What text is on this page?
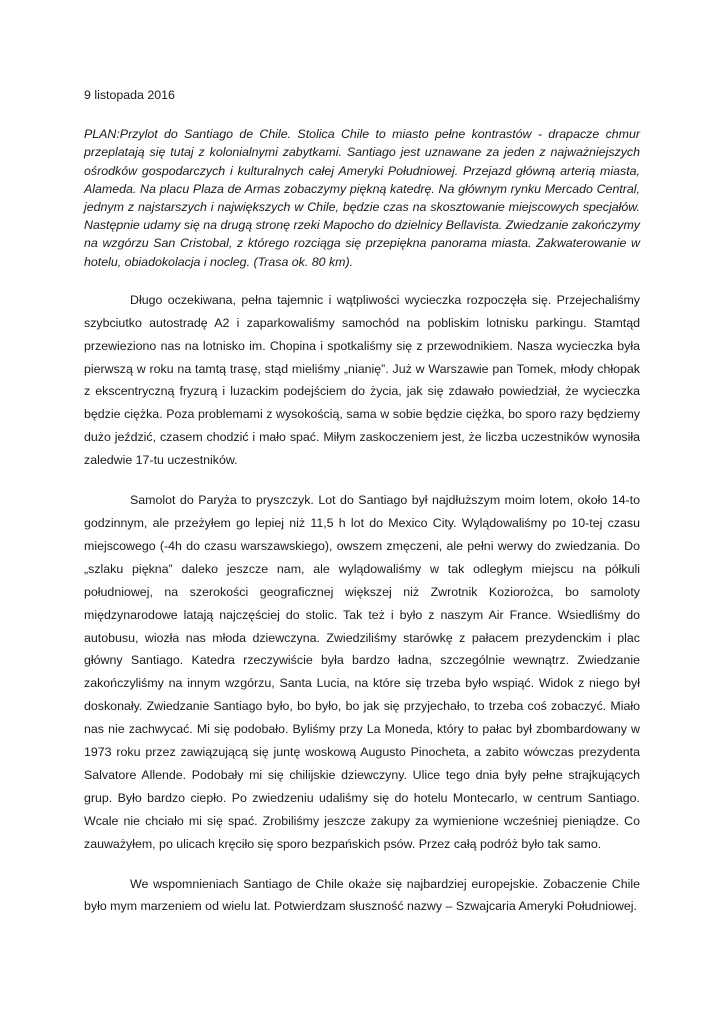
9 listopada 2016

PLAN:Przylot do Santiago de Chile. Stolica Chile to miasto pełne kontrastów - drapacze chmur przeplatają się tutaj z kolonialnymi zabytkami. Santiago jest uznawane za jeden z najważniejszych ośrodków gospodarczych i kulturalnych całej Ameryki Południowej. Przejazd główną arterią miasta, Alameda. Na placu Plaza de Armas zobaczymy piękną katedrę. Na głównym rynku Mercado Central, jednym z najstarszych i największych w Chile, będzie czas na skosztowanie miejscowych specjałów. Następnie udamy się na drugą stronę rzeki Mapocho do dzielnicy Bellavista. Zwiedzanie zakończymy na wzgórzu San Cristobal, z którego rozciąga się przepiękna panorama miasta. Zakwaterowanie w hotelu, obiadokolacja i nocleg. (Trasa ok. 80 km).

Długo oczekiwana, pełna tajemnic i wątpliwości wycieczka rozpoczęła się. Przejechaliśmy szybciutko autostradę A2 i zaparkowaliśmy samochód na pobliskim lotnisku parkingu. Stamtąd przewieziono nas na lotnisko im. Chopina i spotkaliśmy się z przewodnikiem. Nasza wycieczka była pierwszą w roku na tamtą trasę, stąd mieliśmy „nianię”. Już w Warszawie pan Tomek, młody chłopak z ekscentryczną fryzurą i luzackim podejściem do życia, jak się zdawało powiedział, że wycieczka będzie ciężka. Poza problemami z wysokością, sama w sobie będzie ciężka, bo sporo razy będziemy dużo jeździć, czasem chodzić i mało spać. Miłym zaskoczeniem jest, że liczba uczestników wynosiła zaledwie 17-tu uczestników.

Samolot do Paryża to pryszczyk. Lot do Santiago był najdłuższym moim lotem, około 14-to godzinnym, ale przeżyłem go lepiej niż 11,5 h lot do Mexico City. Wylądowaliśmy po 10-tej czasu miejscowego (-4h do czasu warszawskiego), owszem zmęczeni, ale pełni werwy do zwiedzania. Do „szlaku piękna” daleko jeszcze nam, ale wylądowaliśmy w tak odległym miejscu na półkuli południowej, na szerokości geograficznej większej niż Zwrotnik Koziorożca, bo samoloty międzynarodowe latają najczęściej do stolic. Tak też i było z naszym Air France. Wsiedliśmy do autobusu, wiozła nas młoda dziewczyna. Zwiedziliśmy starówkę z pałacem prezydenckim i plac główny Santiago. Katedra rzeczywiście była bardzo ładna, szczególnie wewnątrz. Zwiedzanie zakończyliśmy na innym wzgórzu, Santa Lucia, na które się trzeba było wspiąć. Widok z niego był doskonały. Zwiedzanie Santiago było, bo było, bo jak się przyjechało, to trzeba coś zobaczyć. Miało nas nie zachwycać. Mi się podobało. Byliśmy przy La Moneda, który to pałac był zbombardowany w 1973 roku przez zawiązującą się juntę woskową Augusto Pinocheta, a zabito wówczas prezydenta Salvatore Allende. Podobały mi się chilijskie dziewczyny. Ulice tego dnia były pełne strajkujących grup. Było bardzo ciepło. Po zwiedzeniu udaliśmy się do hotelu Montecarlo, w centrum Santiago. Wcale nie chciało mi się spać. Zrobiliśmy jeszcze zakupy za wymienione wcześniej pieniądze. Co zauważyłem, po ulicach kręciło się sporo bezpańskich psów. Przez całą podróż było tak samo.

We wspomnieniach Santiago de Chile okaże się najbardziej europejskie. Zobaczenie Chile było mym marzeniem od wielu lat. Potwierdzam słuszność nazwy – Szwajcaria Ameryki Południowej.
